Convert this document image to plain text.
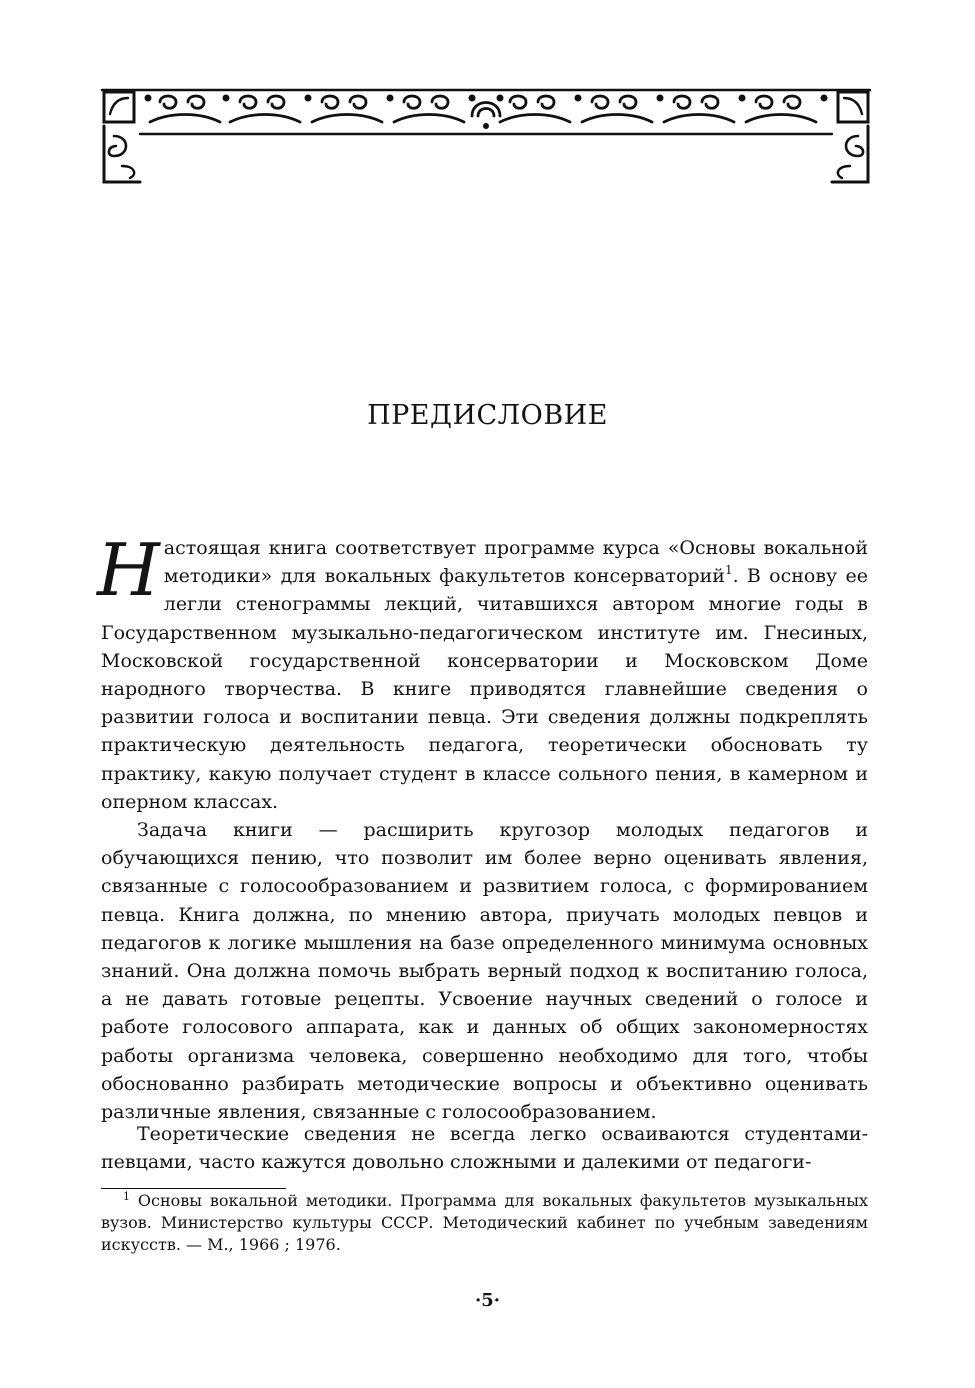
ПРЕДИСЛОВИЕ

Настоящая книга соответствует программе курса «Основы вокальной методики» для вокальных факультетов консерваторий$^1$. В основу ее легли стенограммы лекций, читавшихся автором многие годы в Государственном музыкально-педагогическом институте им. Гнесиных, Московской государственной консерватории и Московском Доме народного творчества. В книге приводятся главнейшие сведения о развитии голоса и воспитании певца. Эти сведения должны подкреплять практическую деятельность педагога, теоретически обосновать ту практику, какую получает студент в классе сольного пения, в камерном и оперном классах.

Задача книги — расширить кругозор молодых педагогов и обучающихся пению, что позволит им более верно оценивать явления, связанные с голосообразованием и развитием голоса, с формированием певца. Книга должна, по мнению автора, приучать молодых певцов и педагогов к логике мышления на базе определенного минимума основных знаний. Она должна помочь выбрать верный подход к воспитанию голоса, а не давать готовые рецепты. Усвоение научных сведений о голосе и работе голосового аппарата, как и данных об общих закономерностях работы организма человека, совершенно необходимо для того, чтобы обоснованно разбирать методические вопросы и объективно оценивать различные явления, связанные с голосообразованием.

Теоретические сведения не всегда легко осваиваются студентами-певцами, часто кажутся довольно сложными и далекими от педагоги-

$^1$ Основы вокальной методики. Программа для вокальных факультетов музыкальных вузов. Министерство культуры СССР. Методический кабинет по учебным заведениям искусств. — М., 1966 ; 1976.
·5·
